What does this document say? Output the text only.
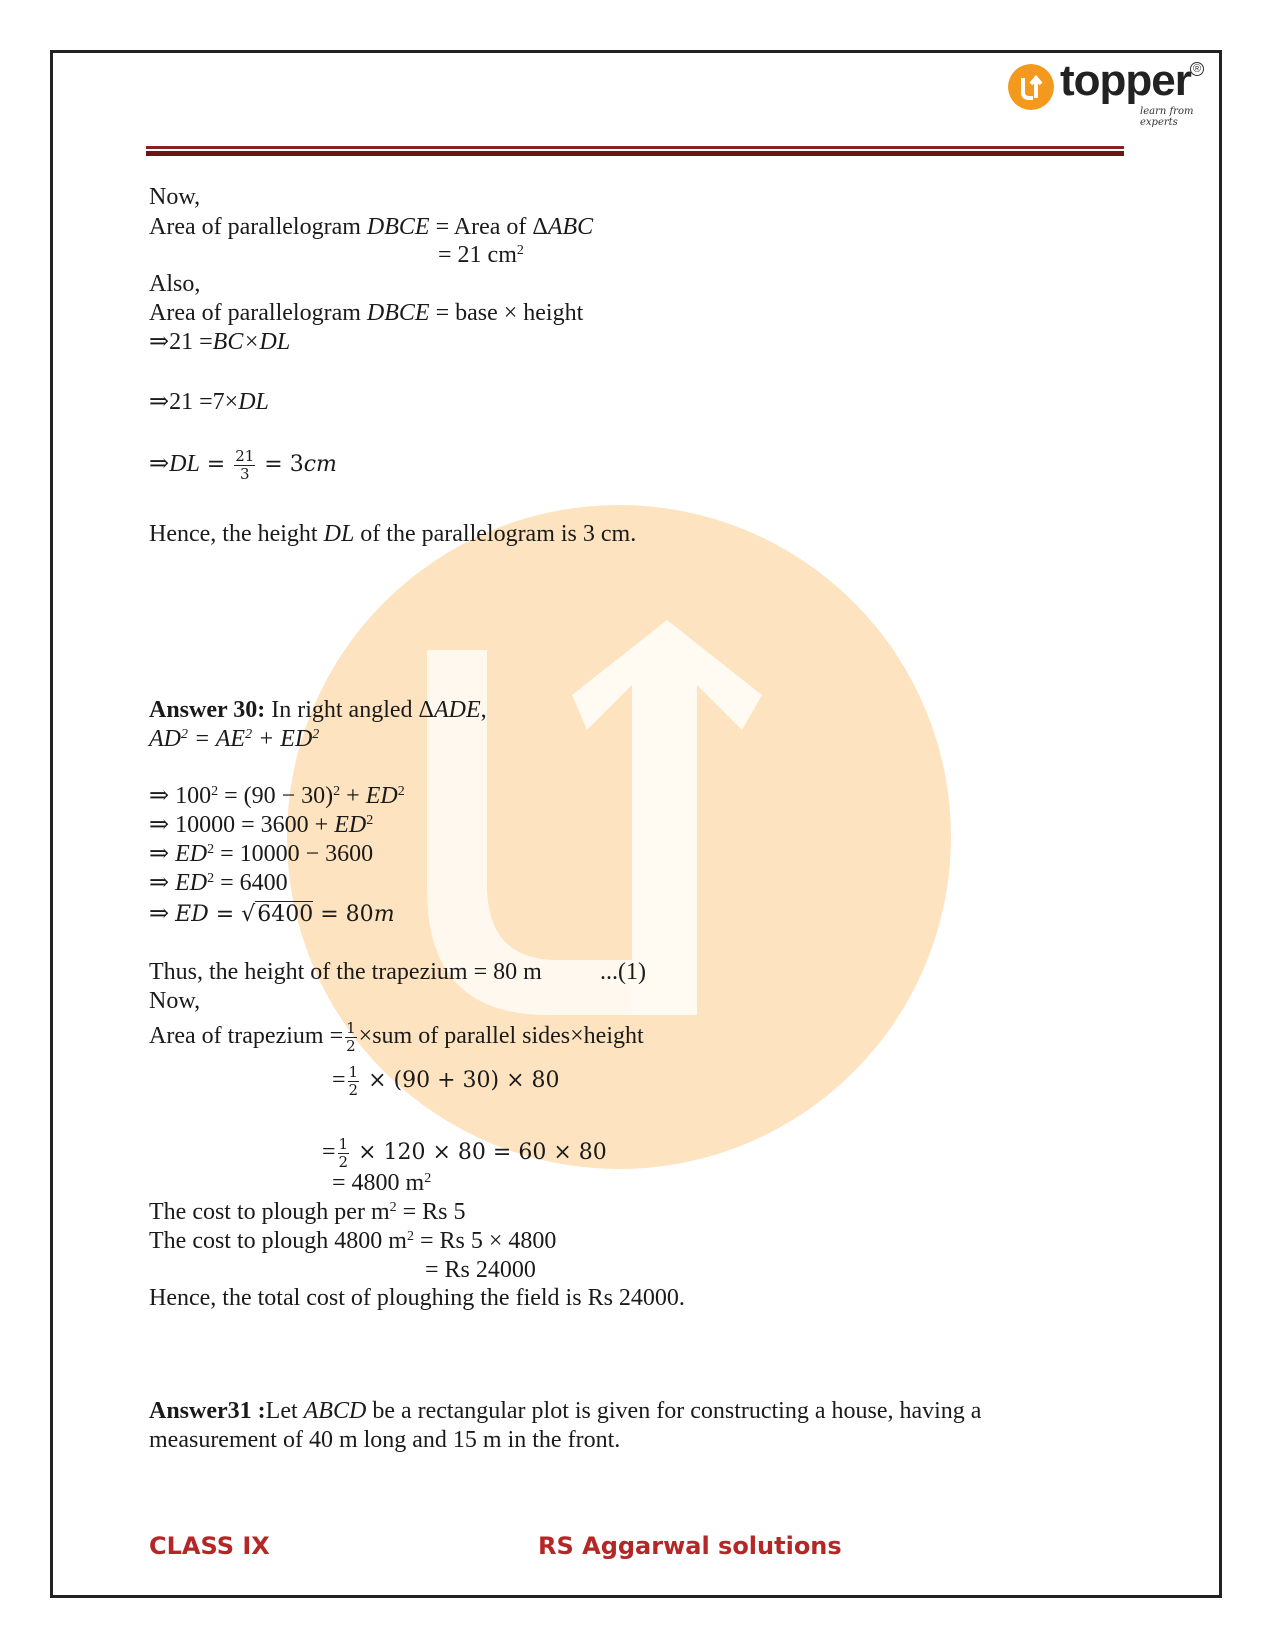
topper
learn from experts
®
Now,
Area of parallelogram DBCE = Area of ΔABC
= 21 $cm^2$
Also,
Area of parallelogram DBCE = base × height
⇒21 =BC×DL
⇒21 =7×DL
⇒DL = $\frac{21}{3} = 3cm$
Hence, the height DL of the parallelogram is 3 cm.
Answer 30: In right angled ΔADE,
$AD^2 = AE^2 + ED^2$
⇒ $100^2 = (90 - 30)^2 + ED^2$
⇒ $10000 = 3600 + ED^2$
⇒ $ED^2 = 10000 - 3600$
⇒ $ED^2 = 6400$
⇒ ED = √6400 = 80m
Thus, the height of the trapezium = 80 m ...(1)
Now,
Area of trapezium = $\frac{1}{2} \times sum$ of parallel sides×height
= $\frac{1}{2} \times (90 + 30) \times 80$
= $\frac{1}{2} \times 120 \times 80 = 60 \times 80$
= 4800 $m^2$
The cost to plough per $m^2 = Rs$ 5
The cost to plough 4800 $m^2 = Rs$ 5 × 4800
= Rs 24000
Hence, the total cost of ploughing the field is Rs 24000.
Answer31 :Let ABCD be a rectangular plot is given for constructing a house, having a
measurement of 40 m long and 15 m in the front.
CLASS IX	RS Aggarwal solutions
